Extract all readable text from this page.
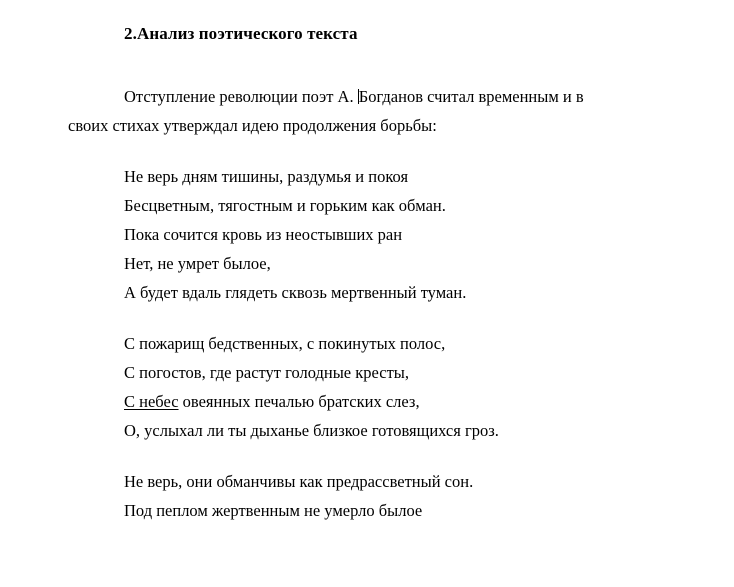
2.Анализ поэтического текста

Отступление революции поэт А. Богданов считал временным и в
своих стихах утверждал идею продолжения борьбы:

Не верь дням тишины, раздумья и покоя
Бесцветным, тягостным и горьким как обман.
Пока сочится кровь из неостывших ран
Нет, не умрет былое,
А будет вдаль глядеть сквозь мертвенный туман.
С пожарищ бедственных, с покинутых полос,
С погостов, где растут голодные кресты,
С небес овеянных печалью братских слез,
О, услыхал ли ты дыханье близкое готовящихся гроз.
Не верь, они обманчивы как предрассветный сон.
Под пеплом жертвенным не умерло былое
